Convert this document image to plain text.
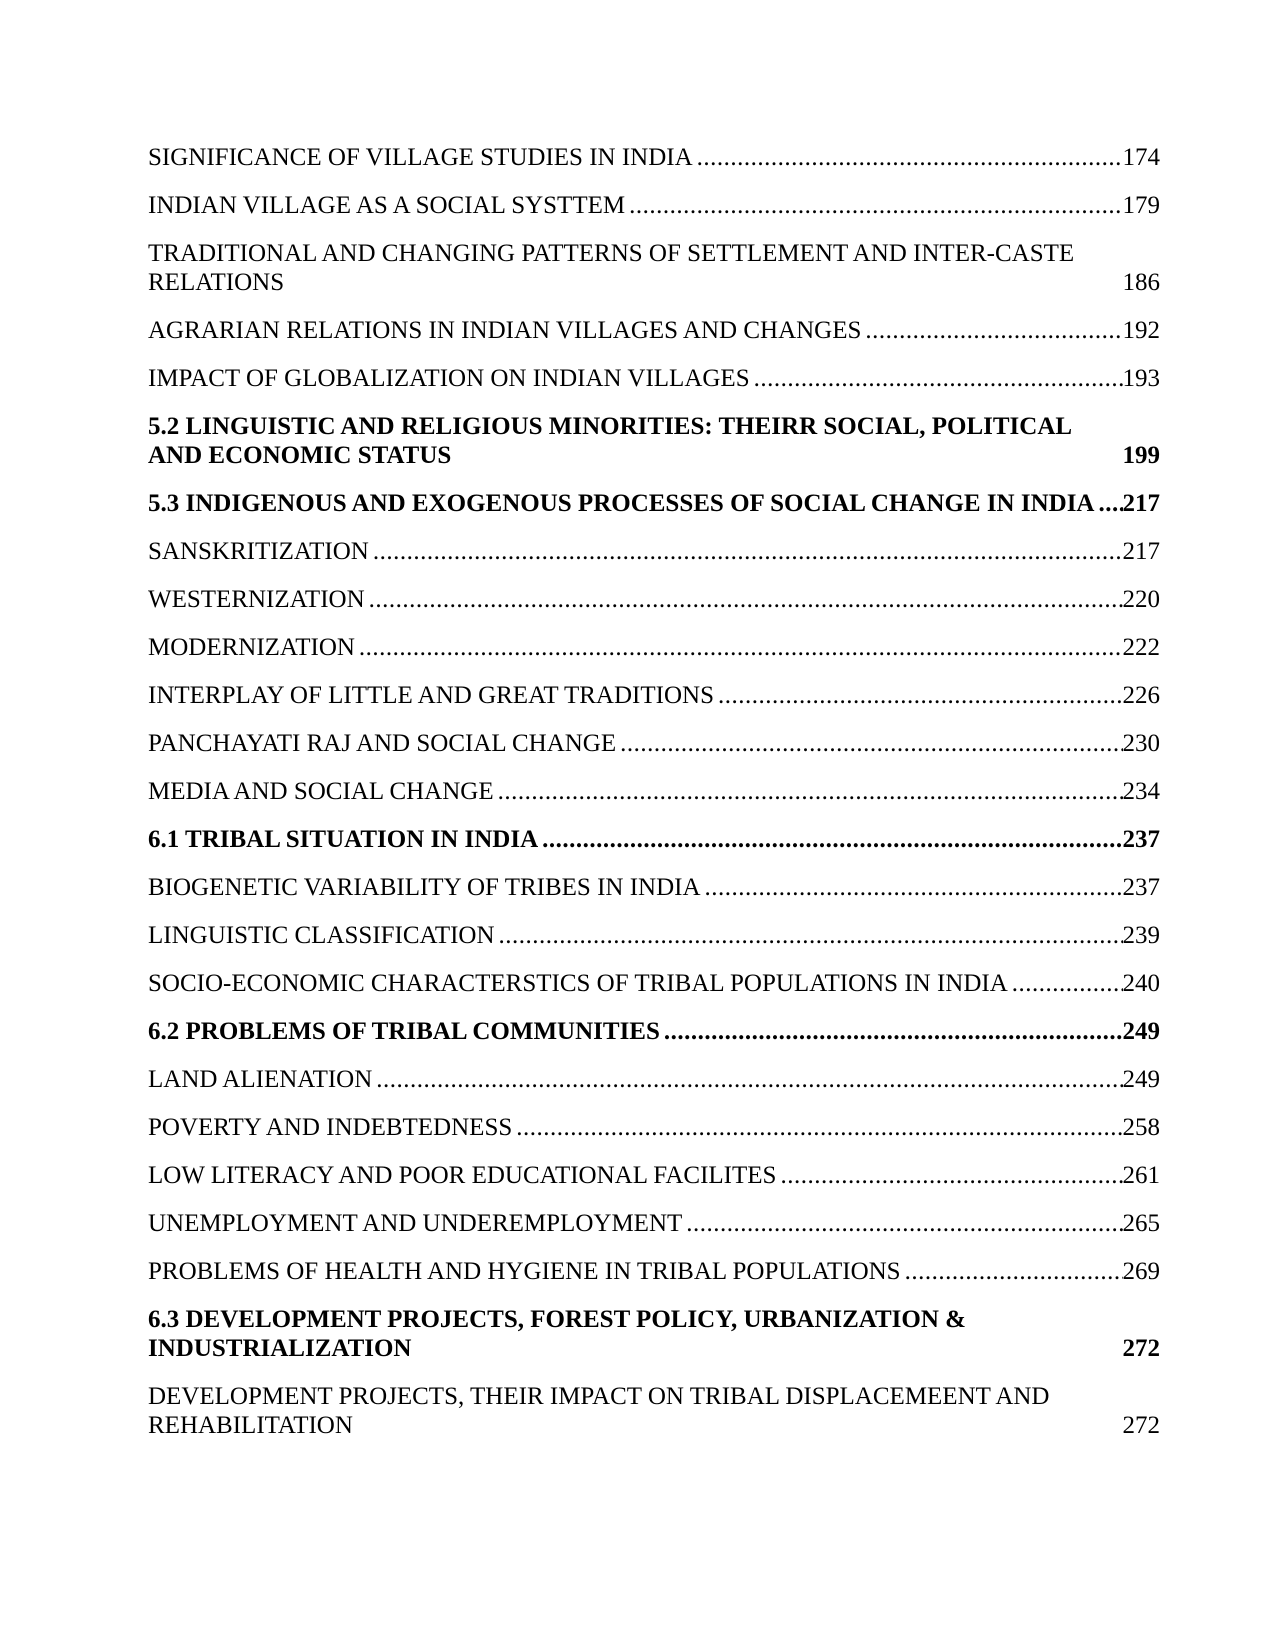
SIGNIFICANCE OF VILLAGE STUDIES IN INDIA .....	174
INDIAN VILLAGE AS A SOCIAL SYSTTEM .....	179
TRADITIONAL AND CHANGING PATTERNS OF SETTLEMENT AND INTER-CASTE RELATIONS .....	186
AGRARIAN RELATIONS IN INDIAN VILLAGES AND CHANGES .....	192
IMPACT OF GLOBALIZATION ON INDIAN VILLAGES .....	193
5.2 LINGUISTIC AND RELIGIOUS MINORITIES: THEIRR SOCIAL, POLITICAL AND ECONOMIC STATUS .....	199
5.3 INDIGENOUS AND EXOGENOUS PROCESSES OF SOCIAL CHANGE IN INDIA ..... 217
SANSKRITIZATION .....	217
WESTERNIZATION .....	220
MODERNIZATION .....	222
INTERPLAY OF LITTLE AND GREAT TRADITIONS .....	226
PANCHAYATI RAJ AND SOCIAL CHANGE .....	230
MEDIA AND SOCIAL CHANGE .....	234
6.1 TRIBAL SITUATION IN INDIA .....	237
BIOGENETIC VARIABILITY OF TRIBES IN INDIA .....	237
LINGUISTIC CLASSIFICATION .....	239
SOCIO-ECONOMIC CHARACTERSTICS OF TRIBAL POPULATIONS IN INDIA .....	240
6.2 PROBLEMS OF TRIBAL COMMUNITIES .....	249
LAND ALIENATION .....	249
POVERTY AND INDEBTEDNESS .....	258
LOW LITERACY AND POOR EDUCATIONAL FACILITES .....	261
UNEMPLOYMENT AND UNDEREMPLOYMENT .....	265
PROBLEMS OF HEALTH AND HYGIENE IN TRIBAL POPULATIONS .....	269
6.3 DEVELOPMENT PROJECTS, FOREST POLICY, URBANIZATION & INDUSTRIALIZATION .....	272
DEVELOPMENT PROJECTS, THEIR IMPACT ON TRIBAL DISPLACEMEENT AND REHABILITATION .....	272
